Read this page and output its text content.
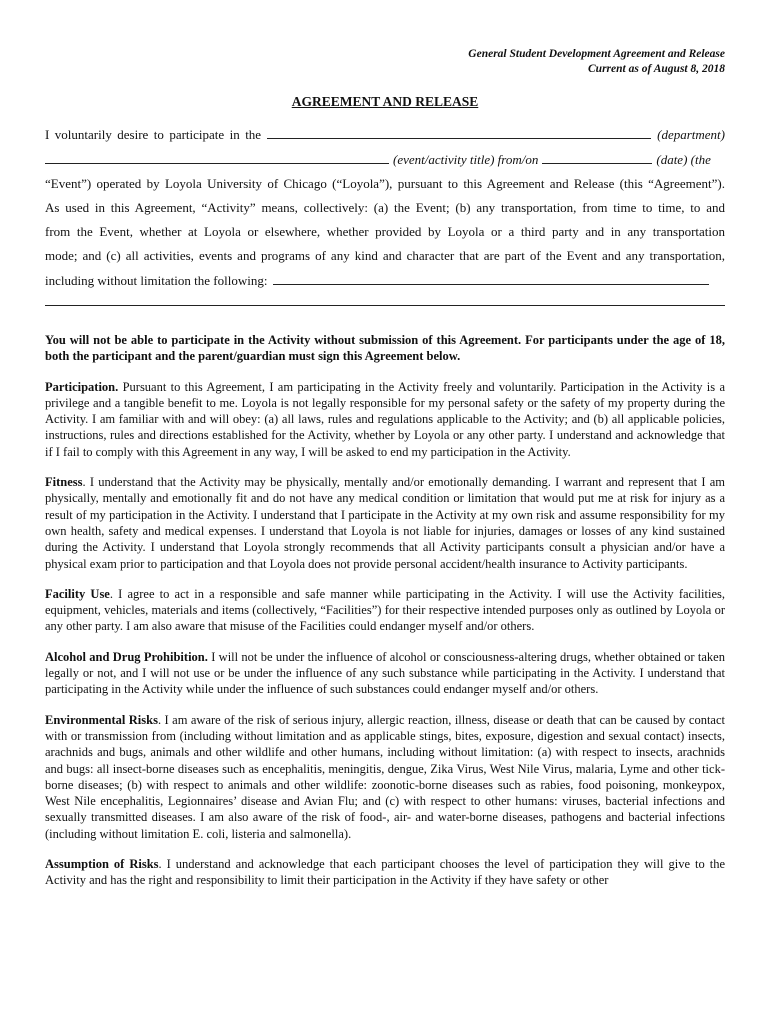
General Student Development Agreement and Release
Current as of August 8, 2018
AGREEMENT AND RELEASE
I voluntarily desire to participate in the	(department)
(event/activity title) from/on	(date) (the
“Event”) operated by Loyola University of Chicago (“Loyola”), pursuant to this Agreement and Release (this “Agreement”).
As used in this Agreement, “Activity” means, collectively: (a) the Event; (b) any transportation, from time to time, to and
from the Event, whether at Loyola or elsewhere, whether provided by Loyola or a third party and in any transportation
mode; and (c) all activities, events and programs of any kind and character that are part of the Event and any transportation,
including without limitation the following:

You will not be able to participate in the Activity without submission of this Agreement. For participants under the age of 18, both the participant and the parent/guardian must sign this Agreement below.

Participation. Pursuant to this Agreement, I am participating in the Activity freely and voluntarily. Participation in the Activity is a privilege and a tangible benefit to me. Loyola is not legally responsible for my personal safety or the safety of my property during the Activity. I am familiar with and will obey: (a) all laws, rules and regulations applicable to the Activity; and (b) all applicable policies, instructions, rules and directions established for the Activity, whether by Loyola or any other party. I understand and acknowledge that if I fail to comply with this Agreement in any way, I will be asked to end my participation in the Activity.

Fitness. I understand that the Activity may be physically, mentally and/or emotionally demanding. I warrant and represent that I am physically, mentally and emotionally fit and do not have any medical condition or limitation that would put me at risk for injury as a result of my participation in the Activity. I understand that I participate in the Activity at my own risk and assume responsibility for my own health, safety and medical expenses. I understand that Loyola is not liable for injuries, damages or losses of any kind sustained during the Activity. I understand that Loyola strongly recommends that all Activity participants consult a physician and/or have a physical exam prior to participation and that Loyola does not provide personal accident/health insurance to Activity participants.

Facility Use. I agree to act in a responsible and safe manner while participating in the Activity. I will use the Activity facilities, equipment, vehicles, materials and items (collectively, “Facilities”) for their respective intended purposes only as outlined by Loyola or any other party. I am also aware that misuse of the Facilities could endanger myself and/or others.

Alcohol and Drug Prohibition. I will not be under the influence of alcohol or consciousness-altering drugs, whether obtained or taken legally or not, and I will not use or be under the influence of any such substance while participating in the Activity. I understand that participating in the Activity while under the influence of such substances could endanger myself and/or others.

Environmental Risks. I am aware of the risk of serious injury, allergic reaction, illness, disease or death that can be caused by contact with or transmission from (including without limitation and as applicable stings, bites, exposure, digestion and sexual contact) insects, arachnids and bugs, animals and other wildlife and other humans, including without limitation: (a) with respect to insects, arachnids and bugs: all insect-borne diseases such as encephalitis, meningitis, dengue, Zika Virus, West Nile Virus, malaria, Lyme and other tick-borne diseases; (b) with respect to animals and other wildlife: zoonotic-borne diseases such as rabies, food poisoning, monkeypox, West Nile encephalitis, Legionnaires’ disease and Avian Flu; and (c) with respect to other humans: viruses, bacterial infections and sexually transmitted diseases. I am also aware of the risk of food-, air- and water-borne diseases, pathogens and bacterial infections (including without limitation E. coli, listeria and salmonella).

Assumption of Risks. I understand and acknowledge that each participant chooses the level of participation they will give to the Activity and has the right and responsibility to limit their participation in the Activity if they have safety or other
